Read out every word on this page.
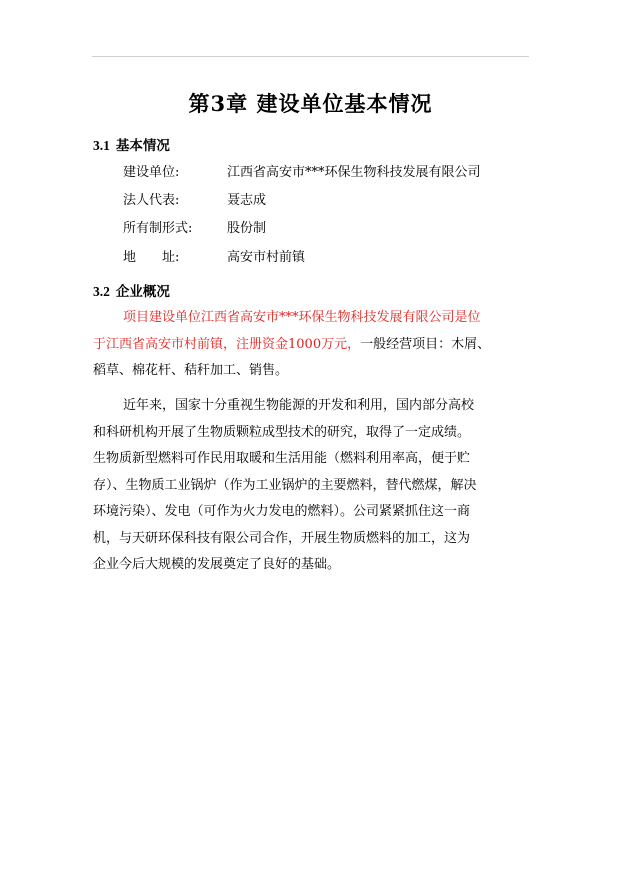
第3章 建设单位基本情况
3.1 基本情况
建设单位:	江西省高安市***环保生物科技发展有限公司
法人代表:	聂志成
所有制形式:	股份制
地　　址:	高安市村前镇
3.2 企业概况
项目建设单位江西省高安市***环保生物科技发展有限公司是位
于江西省高安市村前镇，注册资金1000万元，一般经营项目：木屑、
稻草、棉花杆、秸秆加工、销售。
近年来，国家十分重视生物能源的开发和利用，国内部分高校
和科研机构开展了生物质颗粒成型技术的研究，取得了一定成绩。
生物质新型燃料可作民用取暖和生活用能（燃料利用率高，便于贮
存）、生物质工业锅炉（作为工业锅炉的主要燃料，替代燃煤，解决
环境污染）、发电（可作为火力发电的燃料）。公司紧紧抓住这一商
机，与天研环保科技有限公司合作，开展生物质燃料的加工，这为
企业今后大规模的发展奠定了良好的基础。
